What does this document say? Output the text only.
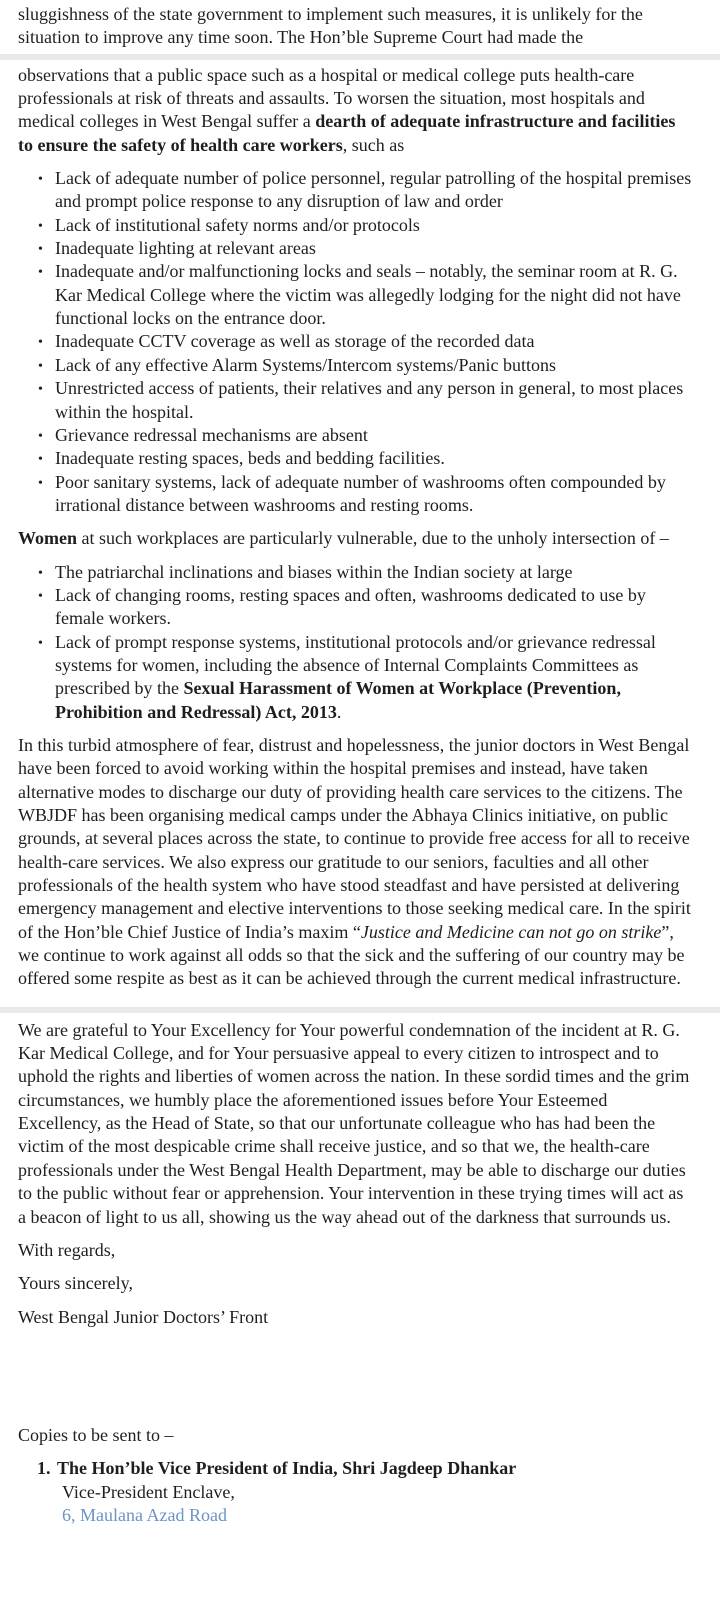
sluggishness of the state government to implement such measures, it is unlikely for the situation to improve any time soon. The Hon’ble Supreme Court had made the
observations that a public space such as a hospital or medical college puts health-care professionals at risk of threats and assaults. To worsen the situation, most hospitals and medical colleges in West Bengal suffer a dearth of adequate infrastructure and facilities to ensure the safety of health care workers, such as
• Lack of adequate number of police personnel, regular patrolling of the hospital premises and prompt police response to any disruption of law and order
• Lack of institutional safety norms and/or protocols
• Inadequate lighting at relevant areas
• Inadequate and/or malfunctioning locks and seals – notably, the seminar room at R. G. Kar Medical College where the victim was allegedly lodging for the night did not have functional locks on the entrance door.
• Inadequate CCTV coverage as well as storage of the recorded data
• Lack of any effective Alarm Systems/Intercom systems/Panic buttons
• Unrestricted access of patients, their relatives and any person in general, to most places within the hospital.
• Grievance redressal mechanisms are absent
• Inadequate resting spaces, beds and bedding facilities.
• Poor sanitary systems, lack of adequate number of washrooms often compounded by irrational distance between washrooms and resting rooms.
Women at such workplaces are particularly vulnerable, due to the unholy intersection of –
• The patriarchal inclinations and biases within the Indian society at large
• Lack of changing rooms, resting spaces and often, washrooms dedicated to use by female workers.
• Lack of prompt response systems, institutional protocols and/or grievance redressal systems for women, including the absence of Internal Complaints Committees as prescribed by the Sexual Harassment of Women at Workplace (Prevention, Prohibition and Redressal) Act, 2013.
In this turbid atmosphere of fear, distrust and hopelessness, the junior doctors in West Bengal have been forced to avoid working within the hospital premises and instead, have taken alternative modes to discharge our duty of providing health care services to the citizens. The WBJDF has been organising medical camps under the Abhaya Clinics initiative, on public grounds, at several places across the state, to continue to provide free access for all to receive health-care services. We also express our gratitude to our seniors, faculties and all other professionals of the health system who have stood steadfast and have persisted at delivering emergency management and elective interventions to those seeking medical care. In the spirit of the Hon’ble Chief Justice of India’s maxim “Justice and Medicine can not go on strike”, we continue to work against all odds so that the sick and the suffering of our country may be offered some respite as best as it can be achieved through the current medical infrastructure.
We are grateful to Your Excellency for Your powerful condemnation of the incident at R. G. Kar Medical College, and for Your persuasive appeal to every citizen to introspect and to uphold the rights and liberties of women across the nation. In these sordid times and the grim circumstances, we humbly place the aforementioned issues before Your Esteemed Excellency, as the Head of State, so that our unfortunate colleague who has had been the victim of the most despicable crime shall receive justice, and so that we, the health-care professionals under the West Bengal Health Department, may be able to discharge our duties to the public without fear or apprehension. Your intervention in these trying times will act as a beacon of light to us all, showing us the way ahead out of the darkness that surrounds us.
With regards,
Yours sincerely,
West Bengal Junior Doctors’ Front
Copies to be sent to –
1. The Hon’ble Vice President of India, Shri Jagdeep Dhankar
Vice-President Enclave,
6, Maulana Azad Road
